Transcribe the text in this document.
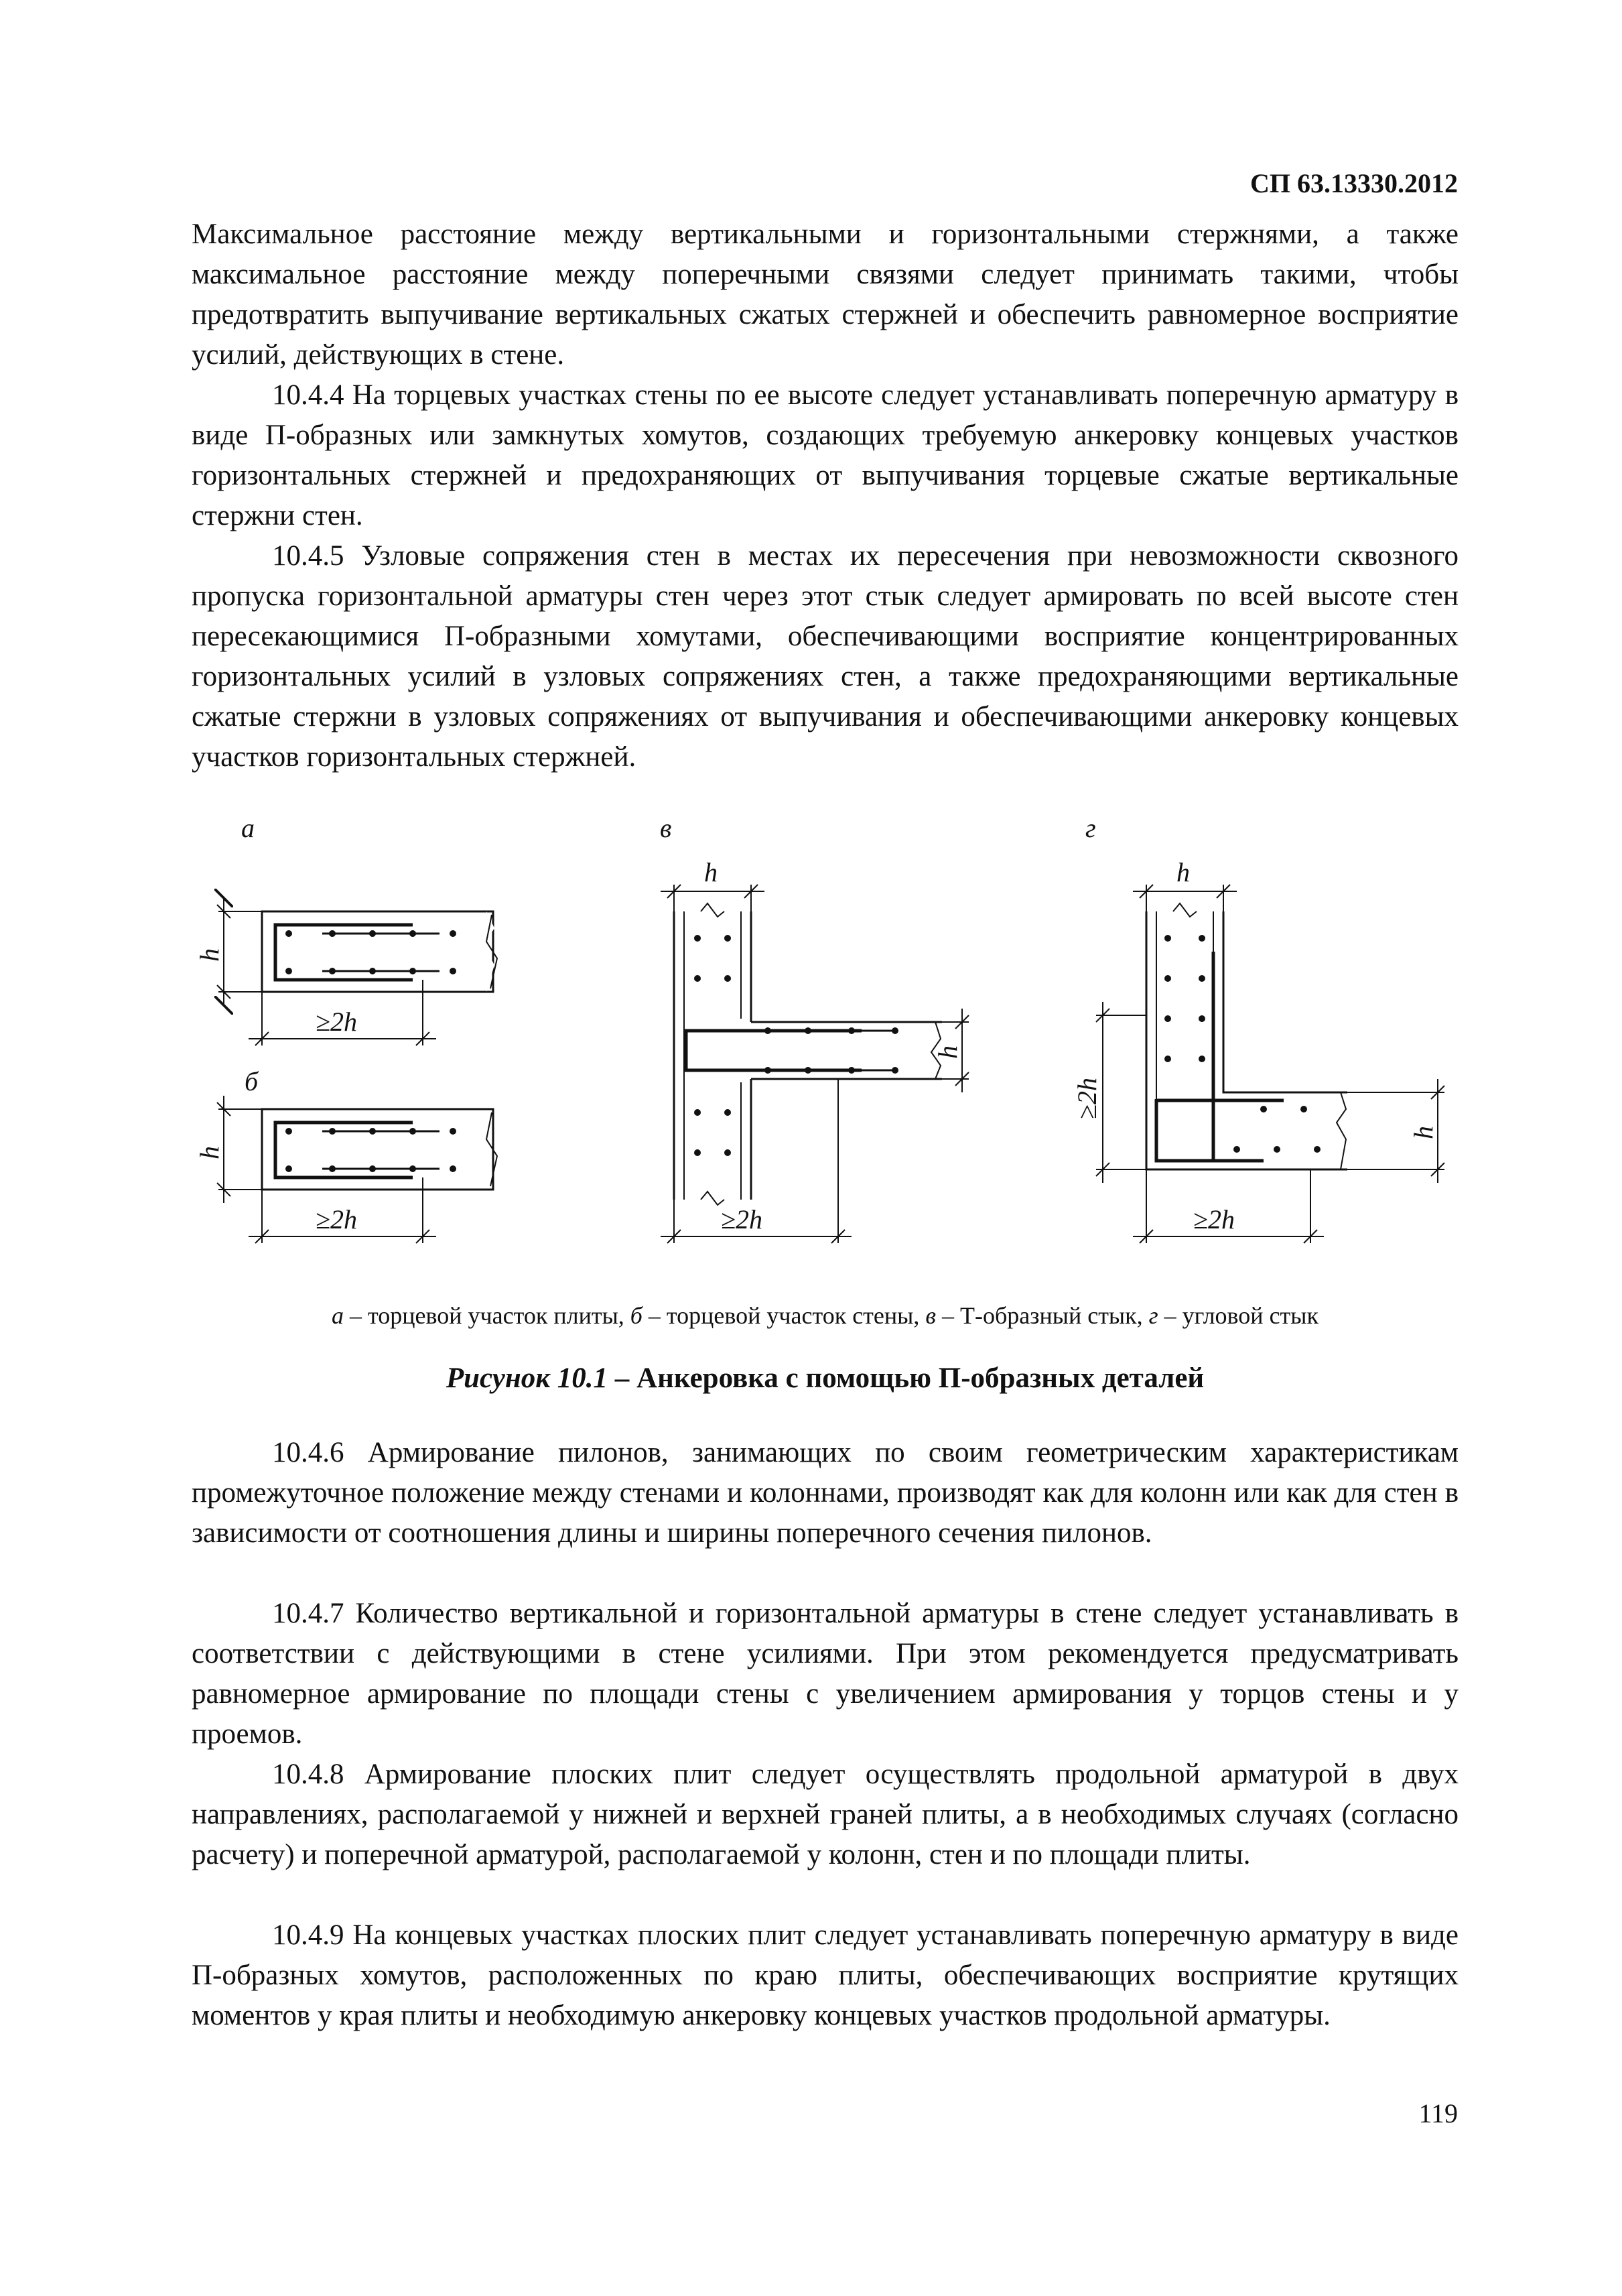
СП 63.13330.2012

Максимальное расстояние между вертикальными и горизонтальными стержнями, а также максимальное расстояние между поперечными связями следует принимать такими, чтобы предотвратить выпучивание вертикальных сжатых стержней и обеспечить равномерное восприятие усилий, действующих в стене.

10.4.4 На торцевых участках стены по ее высоте следует устанавливать поперечную арматуру в виде П-образных или замкнутых хомутов, создающих требуемую анкеровку концевых участков горизонтальных стержней и предохраняющих от выпучивания торцевые сжатые вертикальные стержни стен.

10.4.5 Узловые сопряжения стен в местах их пересечения при невозможности сквозного пропуска горизонтальной арматуры стен через этот стык следует армировать по всей высоте стен пересекающимися П-образными хомутами, обеспечивающими восприятие концентрированных горизонтальных усилий в узловых сопряжениях стен, а также предохраняющими вертикальные сжатые стержни в узловых сопряжениях от выпучивания и обеспечивающими анкеровку концевых участков горизонтальных стержней.

а	в	г
б
h
≥2h
h
≥2h
h
h
≥2h
h
≥2h
h
≥2h
а – торцевой участок плиты, б – торцевой участок стены, в – Т-образный стык, г – угловой стык
Рисунок 10.1 – Анкеровка с помощью П-образных деталей

10.4.6 Армирование пилонов, занимающих по своим геометрическим характеристикам промежуточное положение между стенами и колоннами, производят как для колонн или как для стен в зависимости от соотношения длины и ширины поперечного сечения пилонов.

10.4.7 Количество вертикальной и горизонтальной арматуры в стене следует устанавливать в соответствии с действующими в стене усилиями. При этом рекомендуется предусматривать равномерное армирование по площади стены с увеличением армирования у торцов стены и у проемов.

10.4.8 Армирование плоских плит следует осуществлять продольной арматурой в двух направлениях, располагаемой у нижней и верхней граней плиты, а в необходимых случаях (согласно расчету) и поперечной арматурой, располагаемой у колонн, стен и по площади плиты.

10.4.9 На концевых участках плоских плит следует устанавливать поперечную арматуру в виде П-образных хомутов, расположенных по краю плиты, обеспечивающих восприятие крутящих моментов у края плиты и необходимую анкеровку концевых участков продольной арматуры.

119
